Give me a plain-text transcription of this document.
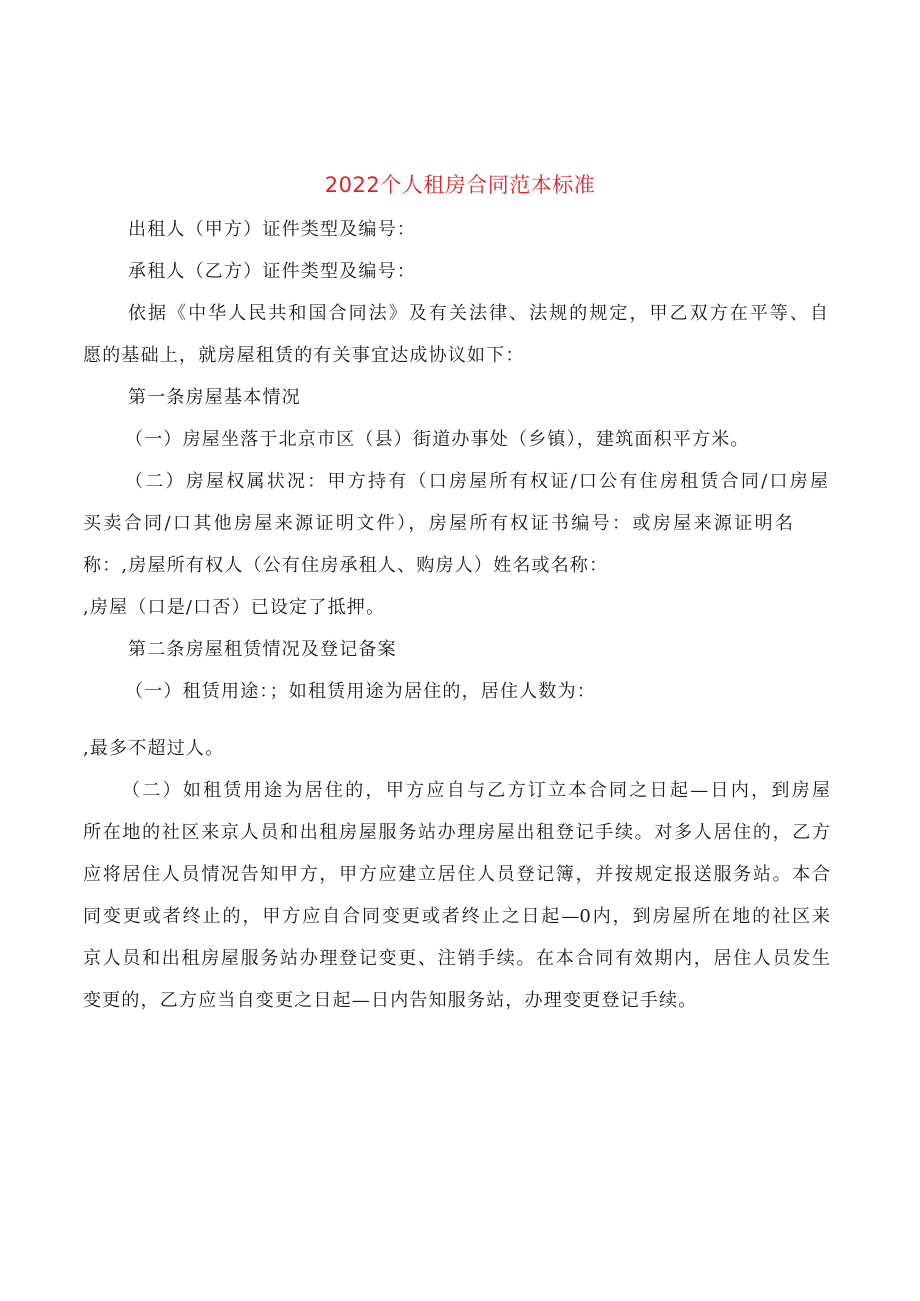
2022个人租房合同范本标准
出租人（甲方）证件类型及编号：
承租人（乙方）证件类型及编号：
依据《中华人民共和国合同法》及有关法律、法规的规定，甲乙双方在平等、自
愿的基础上，就房屋租赁的有关事宜达成协议如下：
第一条房屋基本情况
（一）房屋坐落于北京市区（县）街道办事处（乡镇），建筑面积平方米。
（二）房屋权属状况：甲方持有（口房屋所有权证/口公有住房租赁合同/口房屋
买卖合同/口其他房屋来源证明文件），房屋所有权证书编号：或房屋来源证明名
称：,房屋所有权人（公有住房承租人、购房人）姓名或名称：
,房屋（口是/口否）已设定了抵押。
第二条房屋租赁情况及登记备案
（一）租赁用途：；如租赁用途为居住的，居住人数为：
,最多不超过人。
（二）如租赁用途为居住的，甲方应自与乙方订立本合同之日起—日内，到房屋
所在地的社区来京人员和出租房屋服务站办理房屋出租登记手续。对多人居住的，乙方
应将居住人员情况告知甲方，甲方应建立居住人员登记簿，并按规定报送服务站。本合
同变更或者终止的，甲方应自合同变更或者终止之日起—0内，到房屋所在地的社区来
京人员和出租房屋服务站办理登记变更、注销手续。在本合同有效期内，居住人员发生
变更的，乙方应当自变更之日起—日内告知服务站，办理变更登记手续。
